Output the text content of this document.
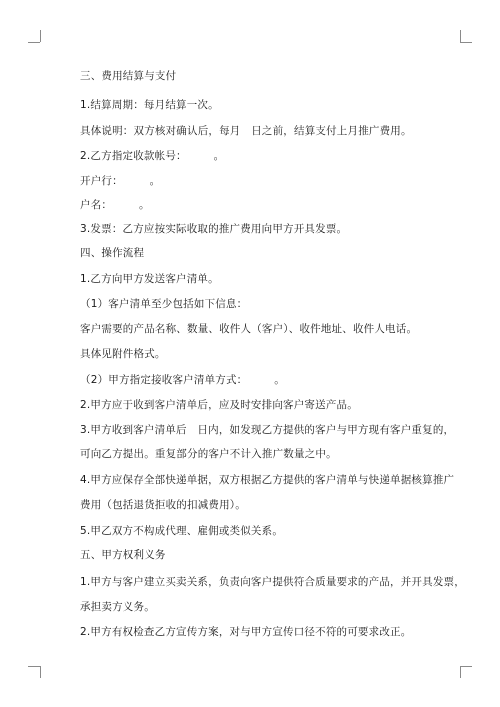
三、费用结算与支付
1.结算周期：每月结算一次。
具体说明：双方核对确认后，每月　日之前，结算支付上月推广费用。
2.乙方指定收款帐号：　　　。
开户行：　　　。
户名：　　　。
3.发票：乙方应按实际收取的推广费用向甲方开具发票。
四、操作流程
1.乙方向甲方发送客户清单。
（1）客户清单至少包括如下信息：
客户需要的产品名称、数量、收件人（客户）、收件地址、收件人电话。
具体见附件格式。
（2）甲方指定接收客户清单方式：　　　。
2.甲方应于收到客户清单后，应及时安排向客户寄送产品。
3.甲方收到客户清单后　日内，如发现乙方提供的客户与甲方现有客户重复的，
可向乙方提出。重复部分的客户不计入推广数量之中。
4.甲方应保存全部快递单据，双方根据乙方提供的客户清单与快递单据核算推广
费用（包括退货拒收的扣减费用）。
5.甲乙双方不构成代理、雇佣或类似关系。
五、甲方权利义务
1.甲方与客户建立买卖关系，负责向客户提供符合质量要求的产品，并开具发票，
承担卖方义务。
2.甲方有权检查乙方宣传方案，对与甲方宣传口径不符的可要求改正。
